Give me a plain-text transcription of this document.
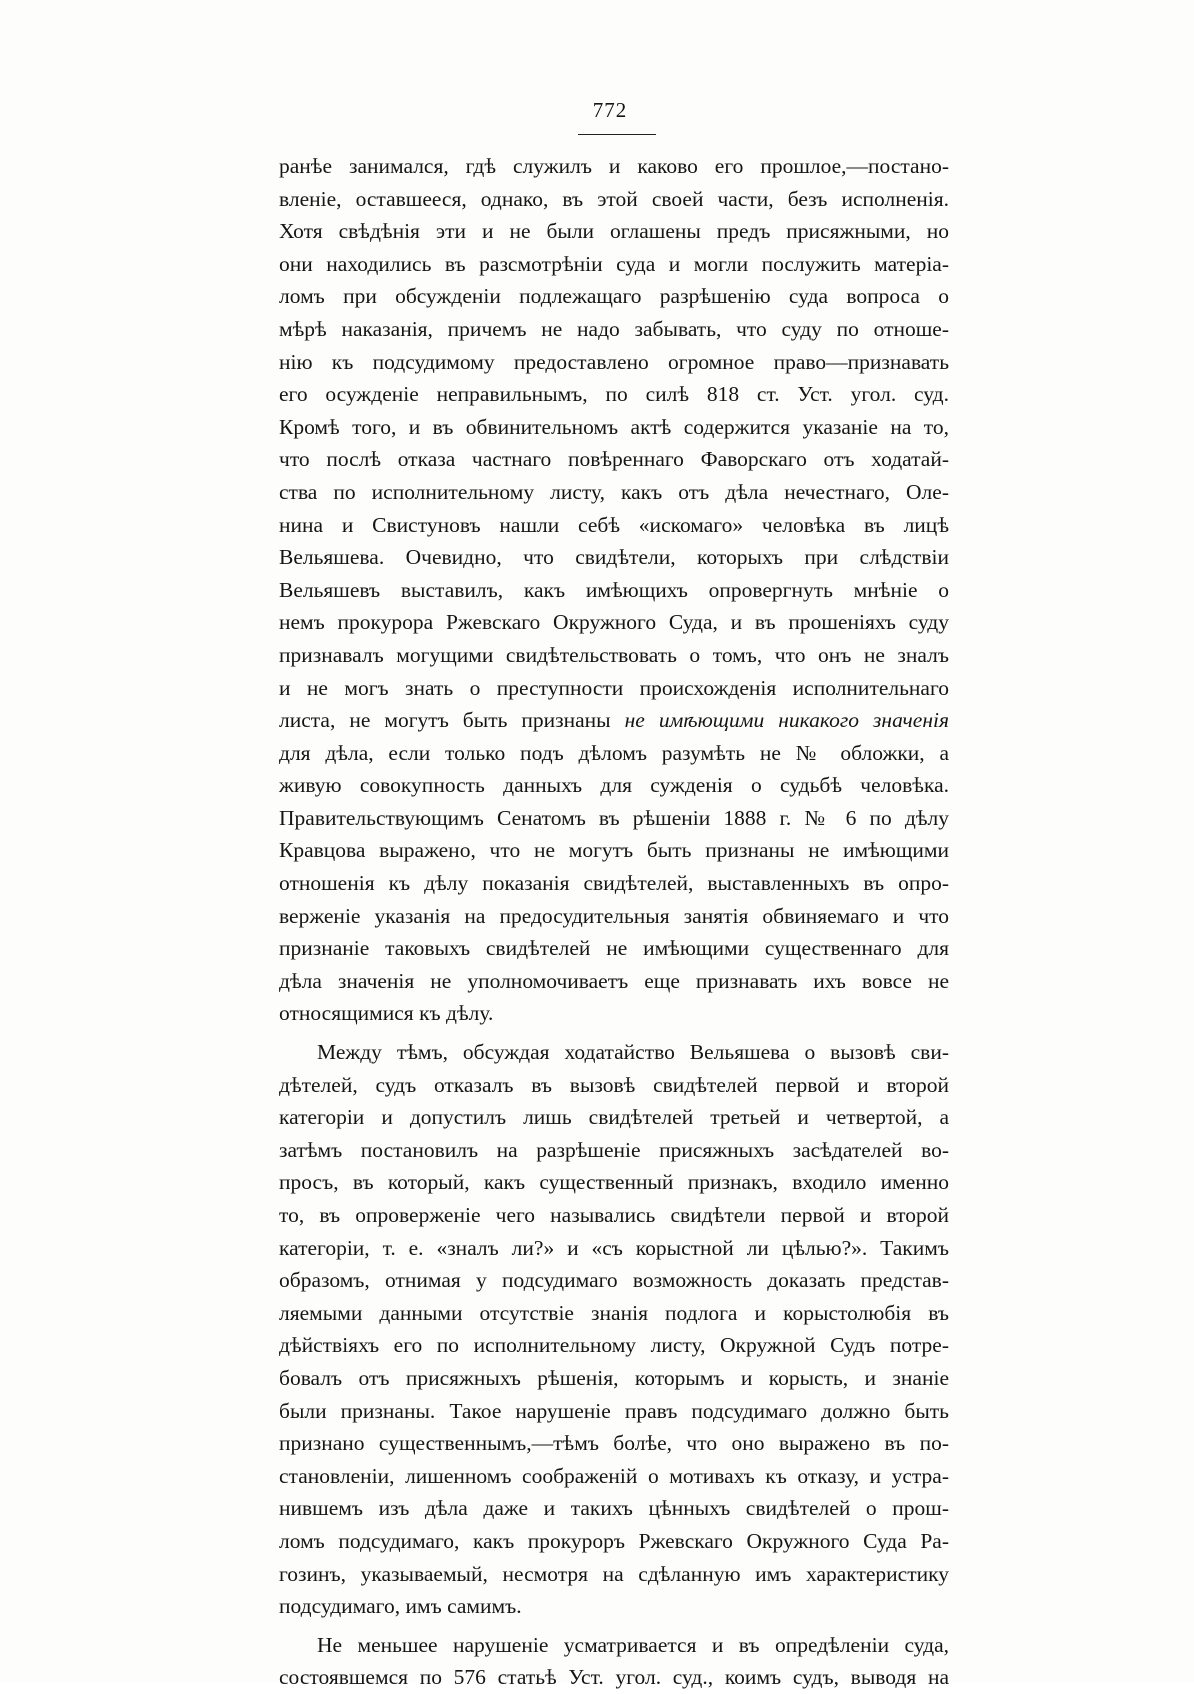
772
ранѣе занимался, гдѣ служилъ и каково его прошлое,—постано-
вленіе, оставшееся, однако, въ этой своей части, безъ исполненія.
Хотя свѣдѣнія эти и не были оглашены предъ присяжными, но
они находились въ разсмотрѣніи суда и могли послужить матеріа-
ломъ при обсужденіи подлежащаго разрѣшенію суда вопроса о
мѣрѣ наказанія, причемъ не надо забывать, что суду по отноше-
нію къ подсудимому предоставлено огромное право—признавать
его осужденіе неправильнымъ, по силѣ 818 ст. Уст. угол. суд.
Кромѣ того, и въ обвинительномъ актѣ содержится указаніе на то,
что послѣ отказа частнаго повѣреннаго Фаворскаго отъ ходатай-
ства по исполнительному листу, какъ отъ дѣла нечестнаго, Оле-
нина и Свистуновъ нашли себѣ «искомаго» человѣка въ лицѣ
Вельяшева. Очевидно, что свидѣтели, которыхъ при слѣдствіи
Вельяшевъ выставилъ, какъ имѣющихъ опровергнуть мнѣніе о
немъ прокурора Ржевскаго Окружного Суда, и въ прошеніяхъ суду
признавалъ могущими свидѣтельствовать о томъ, что онъ не зналъ
и не могъ знать о преступности происхожденія исполнительнаго
листа, не могутъ быть признаны не имѣющими никакого значенія
для дѣла, если только подъ дѣломъ разумѣть не № обложки, а
живую совокупность данныхъ для сужденія о судьбѣ человѣка.
Правительствующимъ Сенатомъ въ рѣшеніи 1888 г. № 6 по дѣлу
Кравцова выражено, что не могутъ быть признаны не имѣющими
отношенія къ дѣлу показанія свидѣтелей, выставленныхъ въ опро-
верженіе указанія на предосудительныя занятія обвиняемаго и что
признаніе таковыхъ свидѣтелей не имѣющими существеннаго для
дѣла значенія не уполномочиваетъ еще признавать ихъ вовсе не
относящимися къ дѣлу.
Между тѣмъ, обсуждая ходатайство Вельяшева о вызовѣ сви-
дѣтелей, судъ отказалъ въ вызовѣ свидѣтелей первой и второй
категоріи и допустилъ лишь свидѣтелей третьей и четвертой, а
затѣмъ постановилъ на разрѣшеніе присяжныхъ засѣдателей во-
просъ, въ который, какъ существенный признакъ, входило именно
то, въ опроверженіе чего назывались свидѣтели первой и второй
категоріи, т. е. «зналъ ли?» и «съ корыстной ли цѣлью?». Такимъ
образомъ, отнимая у подсудимаго возможность доказать представ-
ляемыми данными отсутствіе знанія подлога и корыстолюбія въ
дѣйствіяхъ его по исполнительному листу, Окружной Судъ потре-
бовалъ отъ присяжныхъ рѣшенія, которымъ и корысть, и знаніе
были признаны. Такое нарушеніе правъ подсудимаго должно быть
признано существеннымъ,—тѣмъ болѣе, что оно выражено въ по-
становленіи, лишенномъ соображеній о мотивахъ къ отказу, и устра-
нившемъ изъ дѣла даже и такихъ цѣнныхъ свидѣтелей о прош-
ломъ подсудимаго, какъ прокуроръ Ржевскаго Окружного Суда Ра-
гозинъ, указываемый, несмотря на сдѣланную имъ характеристику
подсудимаго, имъ самимъ.
Не меньшее нарушеніе усматривается и въ опредѣленіи суда,
состоявшемся по 576 статьѣ Уст. угол. суд., коимъ судъ, выводя на
